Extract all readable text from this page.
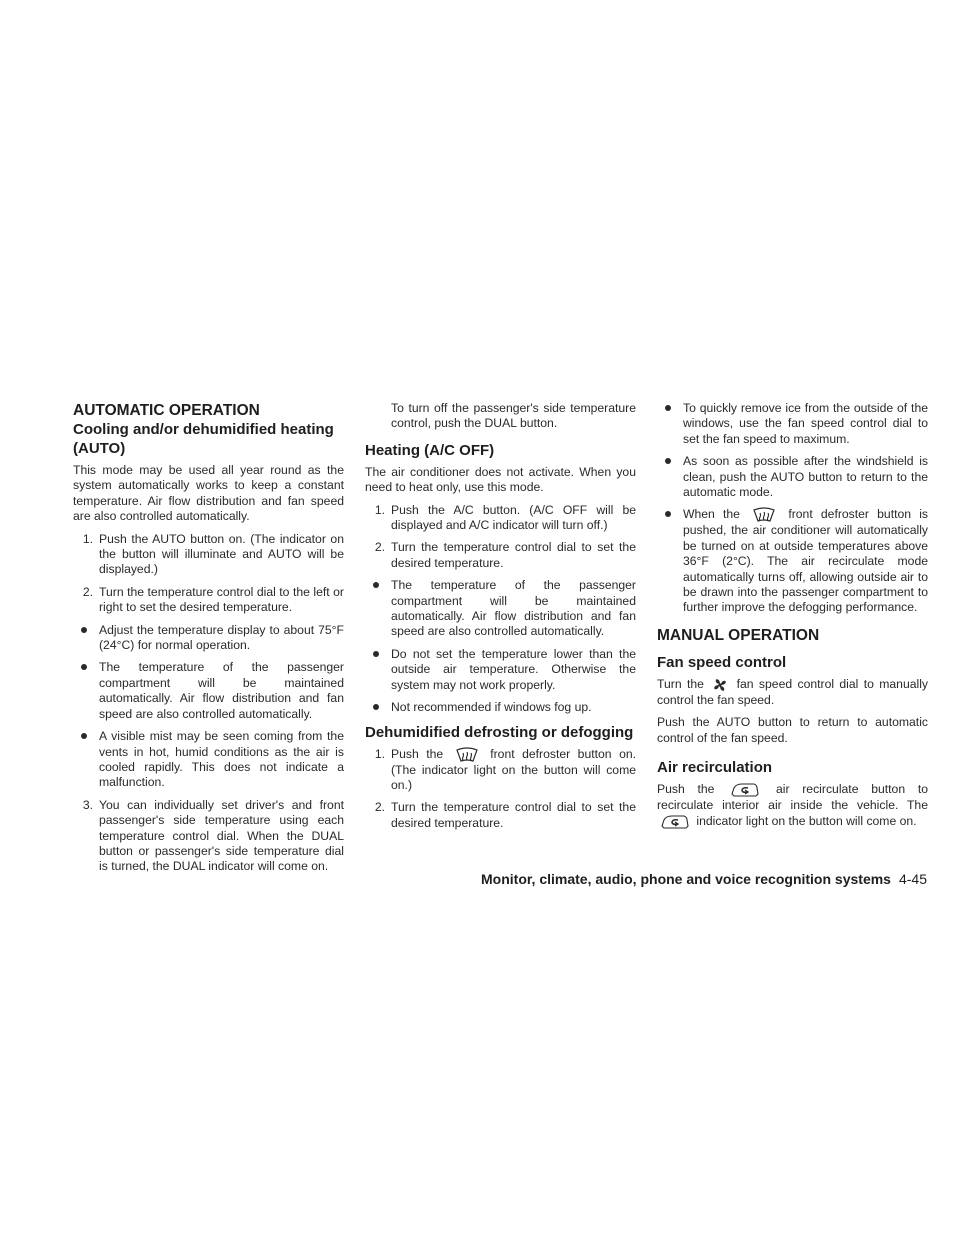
AUTOMATIC OPERATION
Cooling and/or dehumidified heating (AUTO)

This mode may be used all year round as the system automatically works to keep a constant temperature. Air flow distribution and fan speed are also controlled automatically.

1. Push the AUTO button on. (The indicator on the button will illuminate and AUTO will be displayed.)
2. Turn the temperature control dial to the left or right to set the desired temperature.
Adjust the temperature display to about 75°F (24°C) for normal operation.
The temperature of the passenger compartment will be maintained automatically. Air flow distribution and fan speed are also controlled automatically.
A visible mist may be seen coming from the vents in hot, humid conditions as the air is cooled rapidly. This does not indicate a malfunction.
3. You can individually set driver's and front passenger's side temperature using each temperature control dial. When the DUAL button or passenger's side temperature dial is turned, the DUAL indicator will come on.

To turn off the passenger's side temperature control, push the DUAL button.

Heating (A/C OFF)

The air conditioner does not activate. When you need to heat only, use this mode.

1. Push the A/C button. (A/C OFF will be displayed and A/C indicator will turn off.)
2. Turn the temperature control dial to set the desired temperature.
The temperature of the passenger compartment will be maintained automatically. Air flow distribution and fan speed are also controlled automatically.
Do not set the temperature lower than the outside air temperature. Otherwise the system may not work properly.
Not recommended if windows fog up.
Dehumidified defrosting or defogging
1. Push the	front defroster button on. (The indicator light on the button will come on.)
2. Turn the temperature control dial to set the desired temperature.
To quickly remove ice from the outside of the windows, use the fan speed control dial to set the fan speed to maximum.
As soon as possible after the windshield is clean, push the AUTO button to return to the automatic mode.
When the	front defroster button is pushed, the air conditioner will automatically be turned on at outside temperatures above 36°F (2°C). The air recirculate mode automatically turns off, allowing outside air to be drawn into the passenger compartment to further improve the defogging performance.
MANUAL OPERATION
Fan speed control

Turn the	fan speed control dial to manually control the fan speed.

Push the AUTO button to return to automatic control of the fan speed.

Air recirculation

Push the	air recirculate button to recirculate interior air inside the vehicle. The  indicator light on the button will come on.

Monitor, climate, audio, phone and voice recognition systems 4-45
